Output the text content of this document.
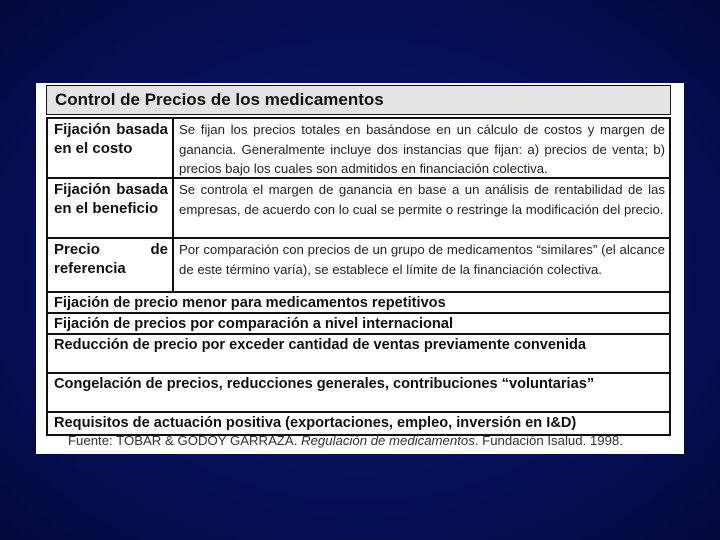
Control de Precios de los medicamentos
Fijación basada en el costo
Se fijan los precios totales en basándose en un cálculo de costos y margen de ganancia. Generalmente incluye dos instancias que fijan: a) precios de venta; b) precios bajo los cuales son admitidos en financiación colectiva.
Fijación basada en el beneficio
Se controla el margen de ganancia en base a un análisis de rentabilidad de las empresas, de acuerdo con lo cual se permite o restringe la modificación del precio.
Precio de referencia
Por comparación con precios de un grupo de medicamentos “similares” (el alcance de este término varía), se establece el límite de la financiación colectiva.
Fijación de precio menor para medicamentos repetitivos
Fijación de precios por comparación a nivel internacional
Reducción de precio por exceder cantidad de ventas previamente convenida
Congelación de precios, reducciones generales, contribuciones “voluntarias”
Requisitos de actuación positiva (exportaciones, empleo, inversión en I&D)
Fuente: TOBAR & GODOY GARRAZA. Regulación de medicamentos. Fundación Isalud. 1998.
